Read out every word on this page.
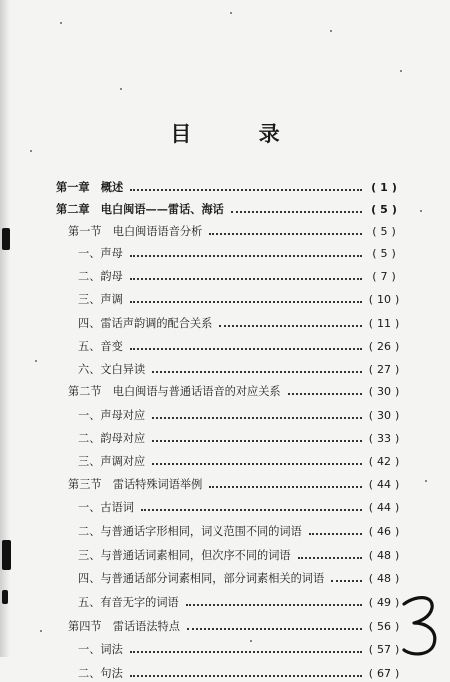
目 录
第一章　概述	( 1 )
第二章　电白闽语——雷话、海话	( 5 )
第一节　电白闽语语音分析	( 5 )
一、声母	( 5 )
二、韵母	( 7 )
三、声调	( 10 )
四、雷话声韵调的配合关系	( 11 )
五、音变	( 26 )
六、文白异读	( 27 )
第二节　电白闽语与普通话语音的对应关系	( 30 )
一、声母对应	( 30 )
二、韵母对应	( 33 )
三、声调对应	( 42 )
第三节　雷话特殊词语举例	( 44 )
一、古语词	( 44 )
二、与普通话字形相同，词义范围不同的词语	( 46 )
三、与普通话词素相同，但次序不同的词语	( 48 )
四、与普通话部分词素相同，部分词素相关的词语	( 48 )
五、有音无字的词语	( 49 )
第四节　雷话语法特点	( 56 )
一、词法	( 57 )
二、句法	( 67 )
